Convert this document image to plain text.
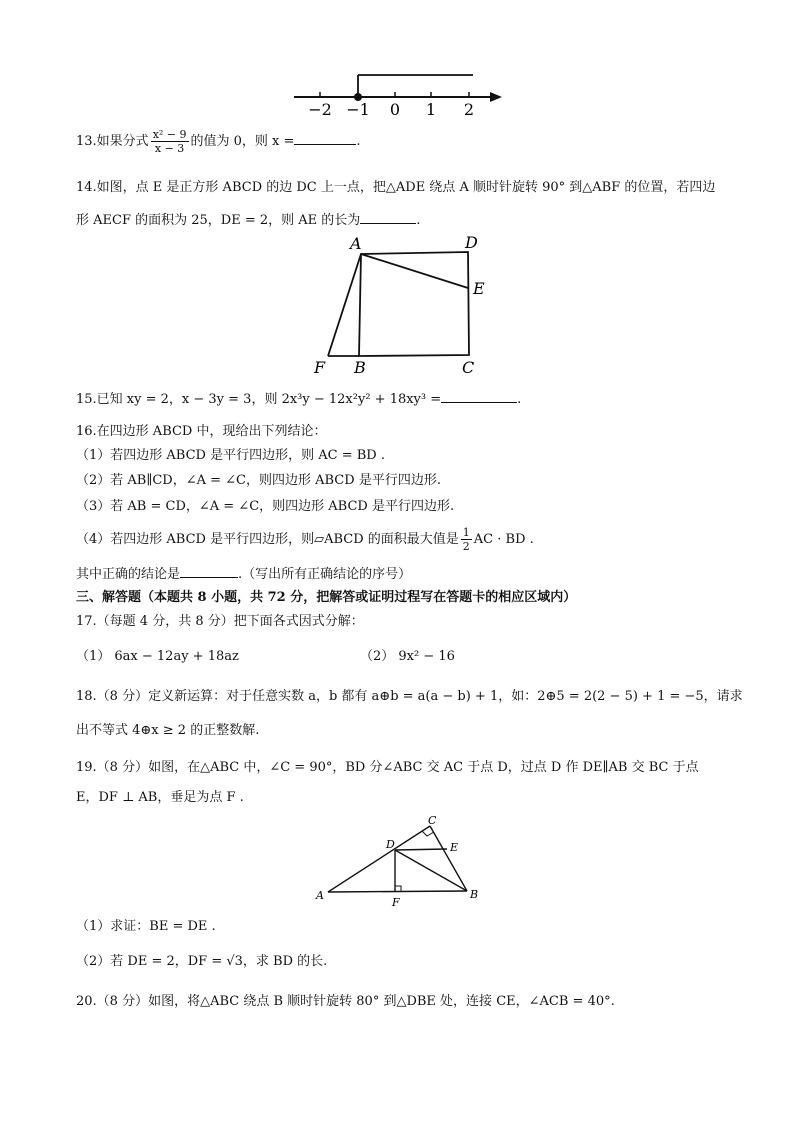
−2 −1 0 1 2
13.如果分式 $\frac{\text{x² − 9}}{x - 3}$ 的值为 0，则 x =	.
14.如图，点 E 是正方形 ABCD 的边 DC 上一点，把△ADE 绕点 A 顺时针旋转 90° 到△ABF 的位置，若四边
形 AECF 的面积为 25，DE = 2，则 AE 的长为	.
A	D
E
F B	C
15.已知 xy = 2，x − 3y = 3，则 2x³y − 12x²y² + 18xy³ =	.
16.在四边形 ABCD 中，现给出下列结论：
（1）若四边形 ABCD 是平行四边形，则 AC = BD .
（2）若 AB∥CD，∠A = ∠C，则四边形 ABCD 是平行四边形.
（3）若 AB = CD，∠A = ∠C，则四边形 ABCD 是平行四边形.
（4）若四边形 ABCD 是平行四边形，则▱ABCD 的面积最大值是 $\frac{1}{2}$ AC · BD .
其中正确的结论是	.（写出所有正确结论的序号）
三、解答题（本题共 8 小题，共 72 分，把解答或证明过程写在答题卡的相应区域内）
17.（每题 4 分，共 8 分）把下面各式因式分解：
（1） 6ax − 12ay + 18az	（2） 9x² − 16
18.（8 分）定义新运算：对于任意实数 a，b 都有 a⊕b = a(a − b) + 1，如：2⊕5 = 2(2 − 5) + 1 = −5，请求
出不等式 4⊕x ≥ 2 的正整数解.
19.（8 分）如图，在△ABC 中，∠C = 90°，BD 分∠ABC 交 AC 于点 D，过点 D 作 DE∥AB 交 BC 于点
E，DF ⊥ AB，垂足为点 F .
C
D	E
A
F
B
（1）求证：BE = DE .
（2）若 DE = 2，DF = √3，求 BD 的长.
20.（8 分）如图，将△ABC 绕点 B 顺时针旋转 80° 到△DBE 处，连接 CE，∠ACB = 40°.
